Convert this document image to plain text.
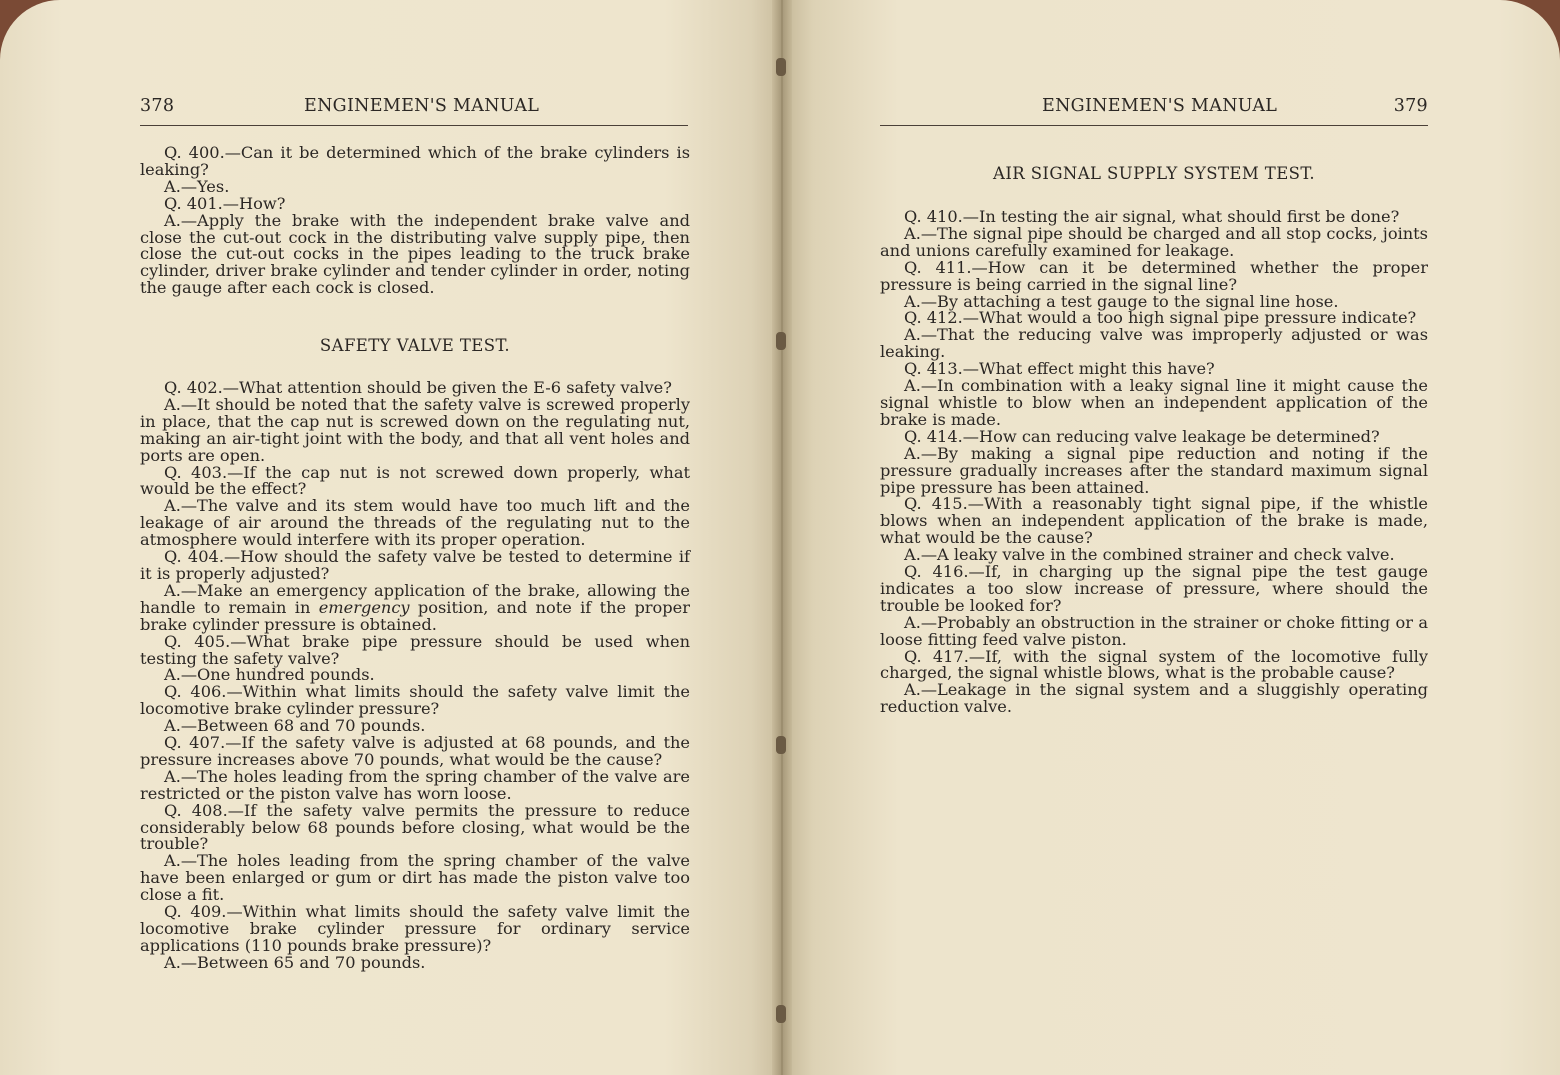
378	ENGINEMEN'S MANUAL

Q. 400.—Can it be determined which of the brake cylinders is leaking?

A.—Yes.

Q. 401.—How?

A.—Apply the brake with the independent brake valve and close the cut-out cock in the distributing valve supply pipe, then close the cut-out cocks in the pipes leading to the truck brake cylinder, driver brake cylinder and tender cylinder in order, noting the gauge after each cock is closed.

SAFETY VALVE TEST.

Q. 402.—What attention should be given the E-6 safety valve?

A.—It should be noted that the safety valve is screwed properly in place, that the cap nut is screwed down on the regulating nut, making an air-tight joint with the body, and that all vent holes and ports are open.

Q. 403.—If the cap nut is not screwed down properly, what would be the effect?

A.—The valve and its stem would have too much lift and the leakage of air around the threads of the regulating nut to the atmosphere would interfere with its proper operation.

Q. 404.—How should the safety valve be tested to determine if it is properly adjusted?

A.—Make an emergency application of the brake, allowing the handle to remain in emergency position, and note if the proper brake cylinder pressure is obtained.

Q. 405.—What brake pipe pressure should be used when testing the safety valve?

A.—One hundred pounds.

Q. 406.—Within what limits should the safety valve limit the locomotive brake cylinder pressure?

A.—Between 68 and 70 pounds.

Q. 407.—If the safety valve is adjusted at 68 pounds, and the pressure increases above 70 pounds, what would be the cause?

A.—The holes leading from the spring chamber of the valve are restricted or the piston valve has worn loose.

Q. 408.—If the safety valve permits the pressure to reduce considerably below 68 pounds before closing, what would be the trouble?

A.—The holes leading from the spring chamber of the valve have been enlarged or gum or dirt has made the piston valve too close a fit.

Q. 409.—Within what limits should the safety valve limit the locomotive brake cylinder pressure for ordinary service applications (110 pounds brake pressure)?

A.—Between 65 and 70 pounds.

ENGINEMEN'S MANUAL	379
AIR SIGNAL SUPPLY SYSTEM TEST.

Q. 410.—In testing the air signal, what should first be done?

A.—The signal pipe should be charged and all stop cocks, joints and unions carefully examined for leakage.

Q. 411.—How can it be determined whether the proper pressure is being carried in the signal line?

A.—By attaching a test gauge to the signal line hose.

Q. 412.—What would a too high signal pipe pressure indicate?

A.—That the reducing valve was improperly adjusted or was leaking.

Q. 413.—What effect might this have?

A.—In combination with a leaky signal line it might cause the signal whistle to blow when an independent application of the brake is made.

Q. 414.—How can reducing valve leakage be determined?

A.—By making a signal pipe reduction and noting if the pressure gradually increases after the standard maximum signal pipe pressure has been attained.

Q. 415.—With a reasonably tight signal pipe, if the whistle blows when an independent application of the brake is made, what would be the cause?

A.—A leaky valve in the combined strainer and check valve.

Q. 416.—If, in charging up the signal pipe the test gauge indicates a too slow increase of pressure, where should the trouble be looked for?

A.—Probably an obstruction in the strainer or choke fitting or a loose fitting feed valve piston.

Q. 417.—If, with the signal system of the locomotive fully charged, the signal whistle blows, what is the probable cause?

A.—Leakage in the signal system and a sluggishly operating reduction valve.
